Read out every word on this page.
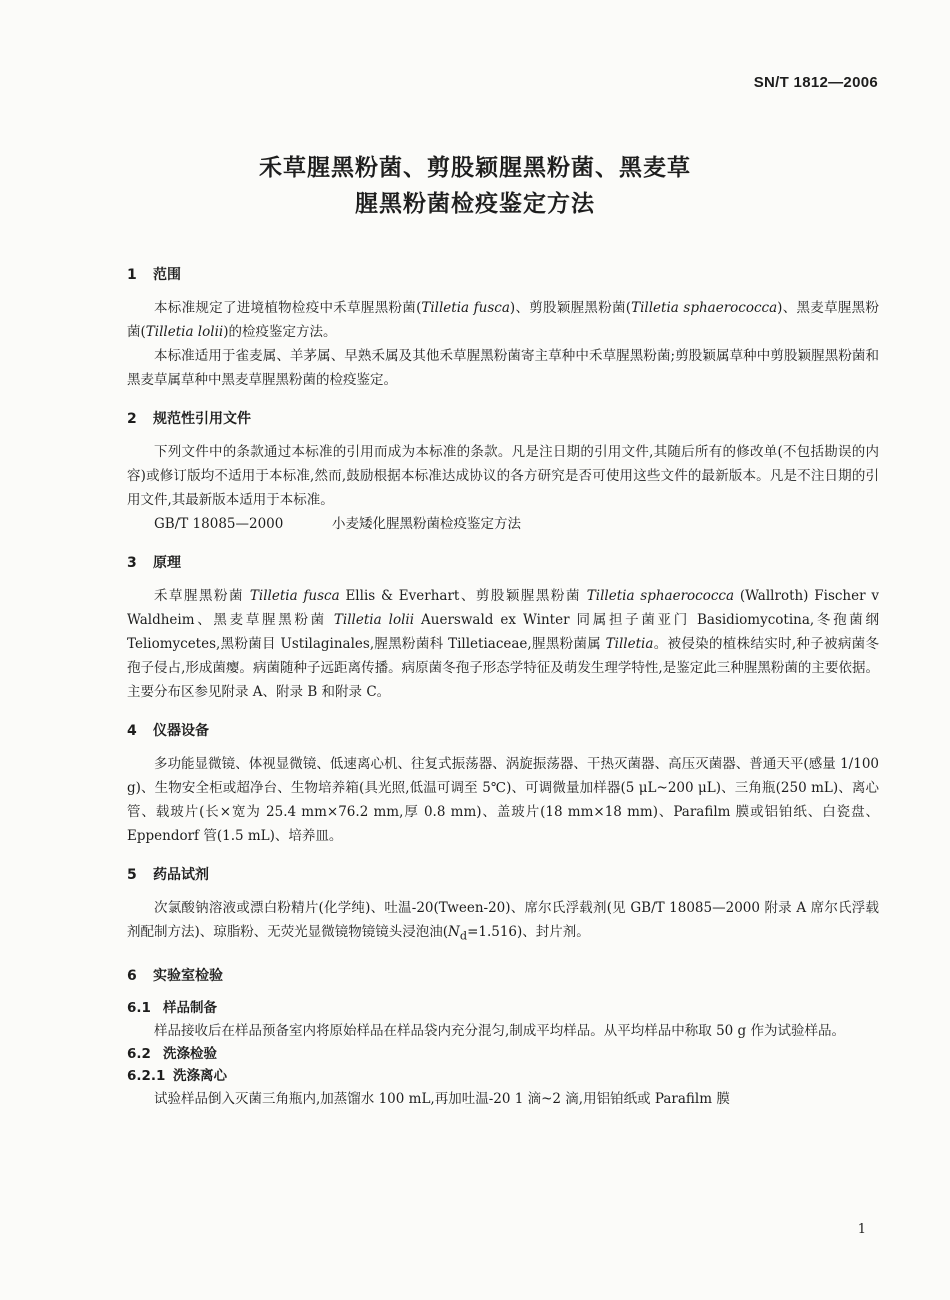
SN/T 1812—2006
禾草腥黑粉菌、剪股颖腥黑粉菌、黑麦草
腥黑粉菌检疫鉴定方法
1 范围

本标准规定了进境植物检疫中禾草腥黑粉菌(Tilletia fusca)、剪股颖腥黑粉菌(Tilletia sphaerococca)、黑麦草腥黑粉菌(Tilletia lolii)的检疫鉴定方法。

本标准适用于雀麦属、羊茅属、早熟禾属及其他禾草腥黑粉菌寄主草种中禾草腥黑粉菌;剪股颖属草种中剪股颖腥黑粉菌和黑麦草属草种中黑麦草腥黑粉菌的检疫鉴定。

2 规范性引用文件

下列文件中的条款通过本标准的引用而成为本标准的条款。凡是注日期的引用文件,其随后所有的修改单(不包括勘误的内容)或修订版均不适用于本标准,然而,鼓励根据本标准达成协议的各方研究是否可使用这些文件的最新版本。凡是不注日期的引用文件,其最新版本适用于本标准。

GB/T 18085—2000	小麦矮化腥黑粉菌检疫鉴定方法
3 原理

禾草腥黑粉菌 Tilletia fusca Ellis & Everhart、剪股颖腥黑粉菌 Tilletia sphaerococca (Wallroth) Fischer v Waldheim、黑麦草腥黑粉菌 Tilletia lolii Auerswald ex Winter 同属担子菌亚门 Basidiomycotina,冬孢菌纲 Teliomycetes,黑粉菌目 Ustilaginales,腥黑粉菌科 Tilletiaceae,腥黑粉菌属 Tilletia。被侵染的植株结实时,种子被病菌冬孢子侵占,形成菌瘿。病菌随种子远距离传播。病原菌冬孢子形态学特征及萌发生理学特性,是鉴定此三种腥黑粉菌的主要依据。主要分布区参见附录 A、附录 B 和附录 C。

4 仪器设备

多功能显微镜、体视显微镜、低速离心机、往复式振荡器、涡旋振荡器、干热灭菌器、高压灭菌器、普通天平(感量 1/100 g)、生物安全柜或超净台、生物培养箱(具光照,低温可调至 5℃)、可调微量加样器(5 μL~200 μL)、三角瓶(250 mL)、离心管、载玻片(长×宽为 25.4 mm×76.2 mm,厚 0.8 mm)、盖玻片(18 mm×18 mm)、Parafilm 膜或铝铂纸、白瓷盘、Eppendorf 管(1.5 mL)、培养皿。

5 药品试剂

次氯酸钠溶液或漂白粉精片(化学纯)、吐温-20(Tween-20)、席尔氏浮载剂(见 GB/T 18085—2000 附录 A 席尔氏浮载剂配制方法)、琼脂粉、无荧光显微镜物镜镜头浸泡油$(N_d=1.516)$、封片剂。

6 实验室检验
6.1 样品制备

样品接收后在样品预备室内将原始样品在样品袋内充分混匀,制成平均样品。从平均样品中称取 50 g 作为试验样品。

6.2 洗涤检验
6.2.1 洗涤离心

试验样品倒入灭菌三角瓶内,加蒸馏水 100 mL,再加吐温-20 1 滴~2 滴,用铝铂纸或 Parafilm 膜

1
